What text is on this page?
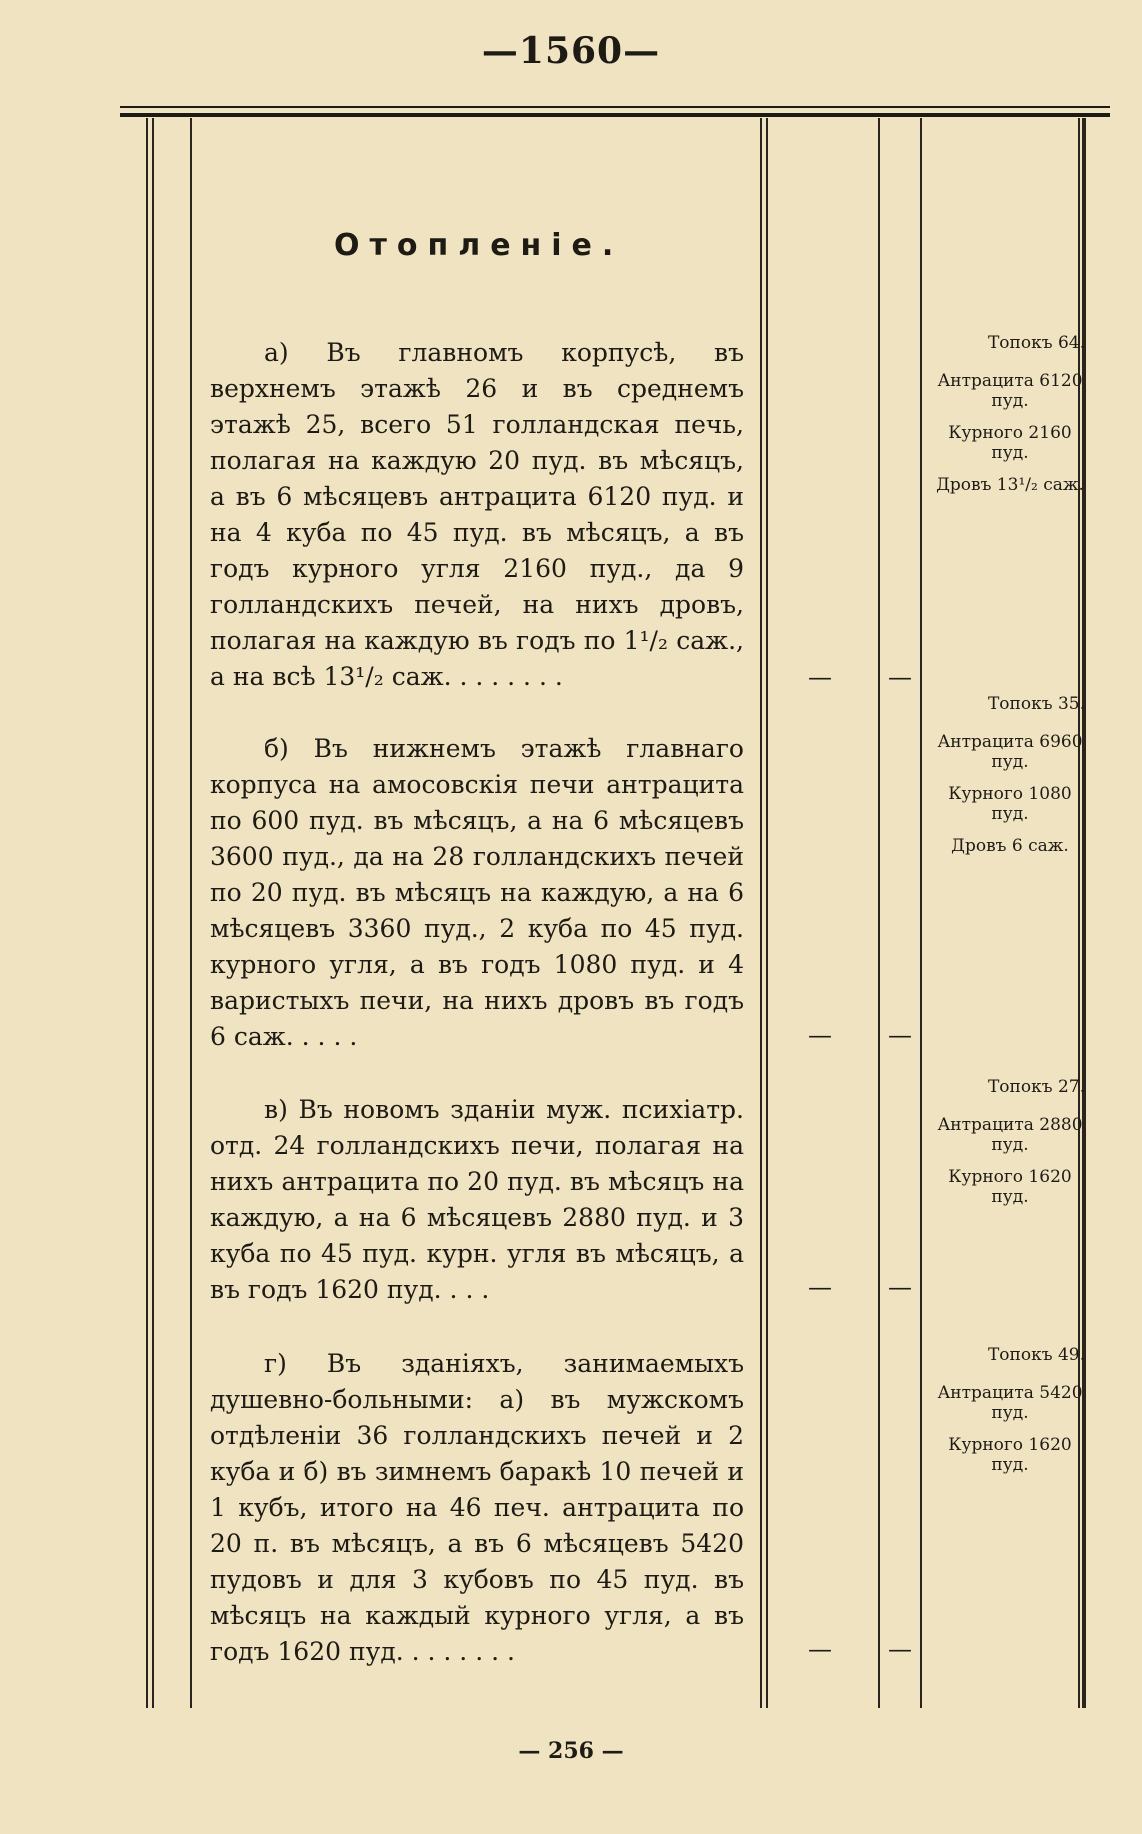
—1560—
Отопленіе.

а) Въ главномъ корпусѣ, въ верхнемъ этажѣ 26 и въ среднемъ этажѣ 25, всего 51 голландская печь, полагая на каждую 20 пуд. въ мѣсяцъ, а въ 6 мѣсяцевъ антрацита 6120 пуд. и на 4 куба по 45 пуд. въ мѣсяцъ, а въ годъ курного угля 2160 пуд., да 9 голландскихъ печей, на нихъ дровъ, полагая на каждую въ годъ по 1¹/₂ саж., а на всѣ 13¹/₂ саж. . . . . . . .	— —

Топокъ 64.

Антрацита 6120 пуд.

Курного 2160 пуд.

Дровъ 13¹/₂ саж.

б) Въ нижнемъ этажѣ главнаго корпуса на амосовскія печи антрацита по 600 пуд. въ мѣсяцъ, а на 6 мѣсяцевъ 3600 пуд., да на 28 голландскихъ печей по 20 пуд. въ мѣсяцъ на каждую, а на 6 мѣсяцевъ 3360 пуд., 2 куба по 45 пуд. курного угля, а въ годъ 1080 пуд. и 4 варистыхъ печи, на нихъ дровъ въ годъ 6 саж. . . . .	— —

Топокъ 35.

Антрацита 6960 пуд.

Курного 1080 пуд.

Дровъ 6 саж.

в) Въ новомъ зданіи муж. психіатр. отд. 24 голландскихъ печи, полагая на нихъ антрацита по 20 пуд. въ мѣсяцъ на каждую, а на 6 мѣсяцевъ 2880 пуд. и 3 куба по 45 пуд. курн. угля въ мѣсяцъ, а въ годъ 1620 пуд. . . .	— —

Топокъ 27.

Антрацита 2880 пуд.

Курного 1620 пуд.

г) Въ зданіяхъ, занимаемыхъ душевно-больными: а) въ мужскомъ отдѣленіи 36 голландскихъ печей и 2 куба и б) въ зимнемъ баракѣ 10 печей и 1 кубъ, итого на 46 печ. антрацита по 20 п. въ мѣсяцъ, а въ 6 мѣсяцевъ 5420 пудовъ и для 3 кубовъ по 45 пуд. въ мѣсяцъ на каждый курного угля, а въ годъ 1620 пуд. . . . . . . .	— —

Топокъ 49.

Антрацита 5420 пуд.

Курного 1620 пуд.

— 256 —
